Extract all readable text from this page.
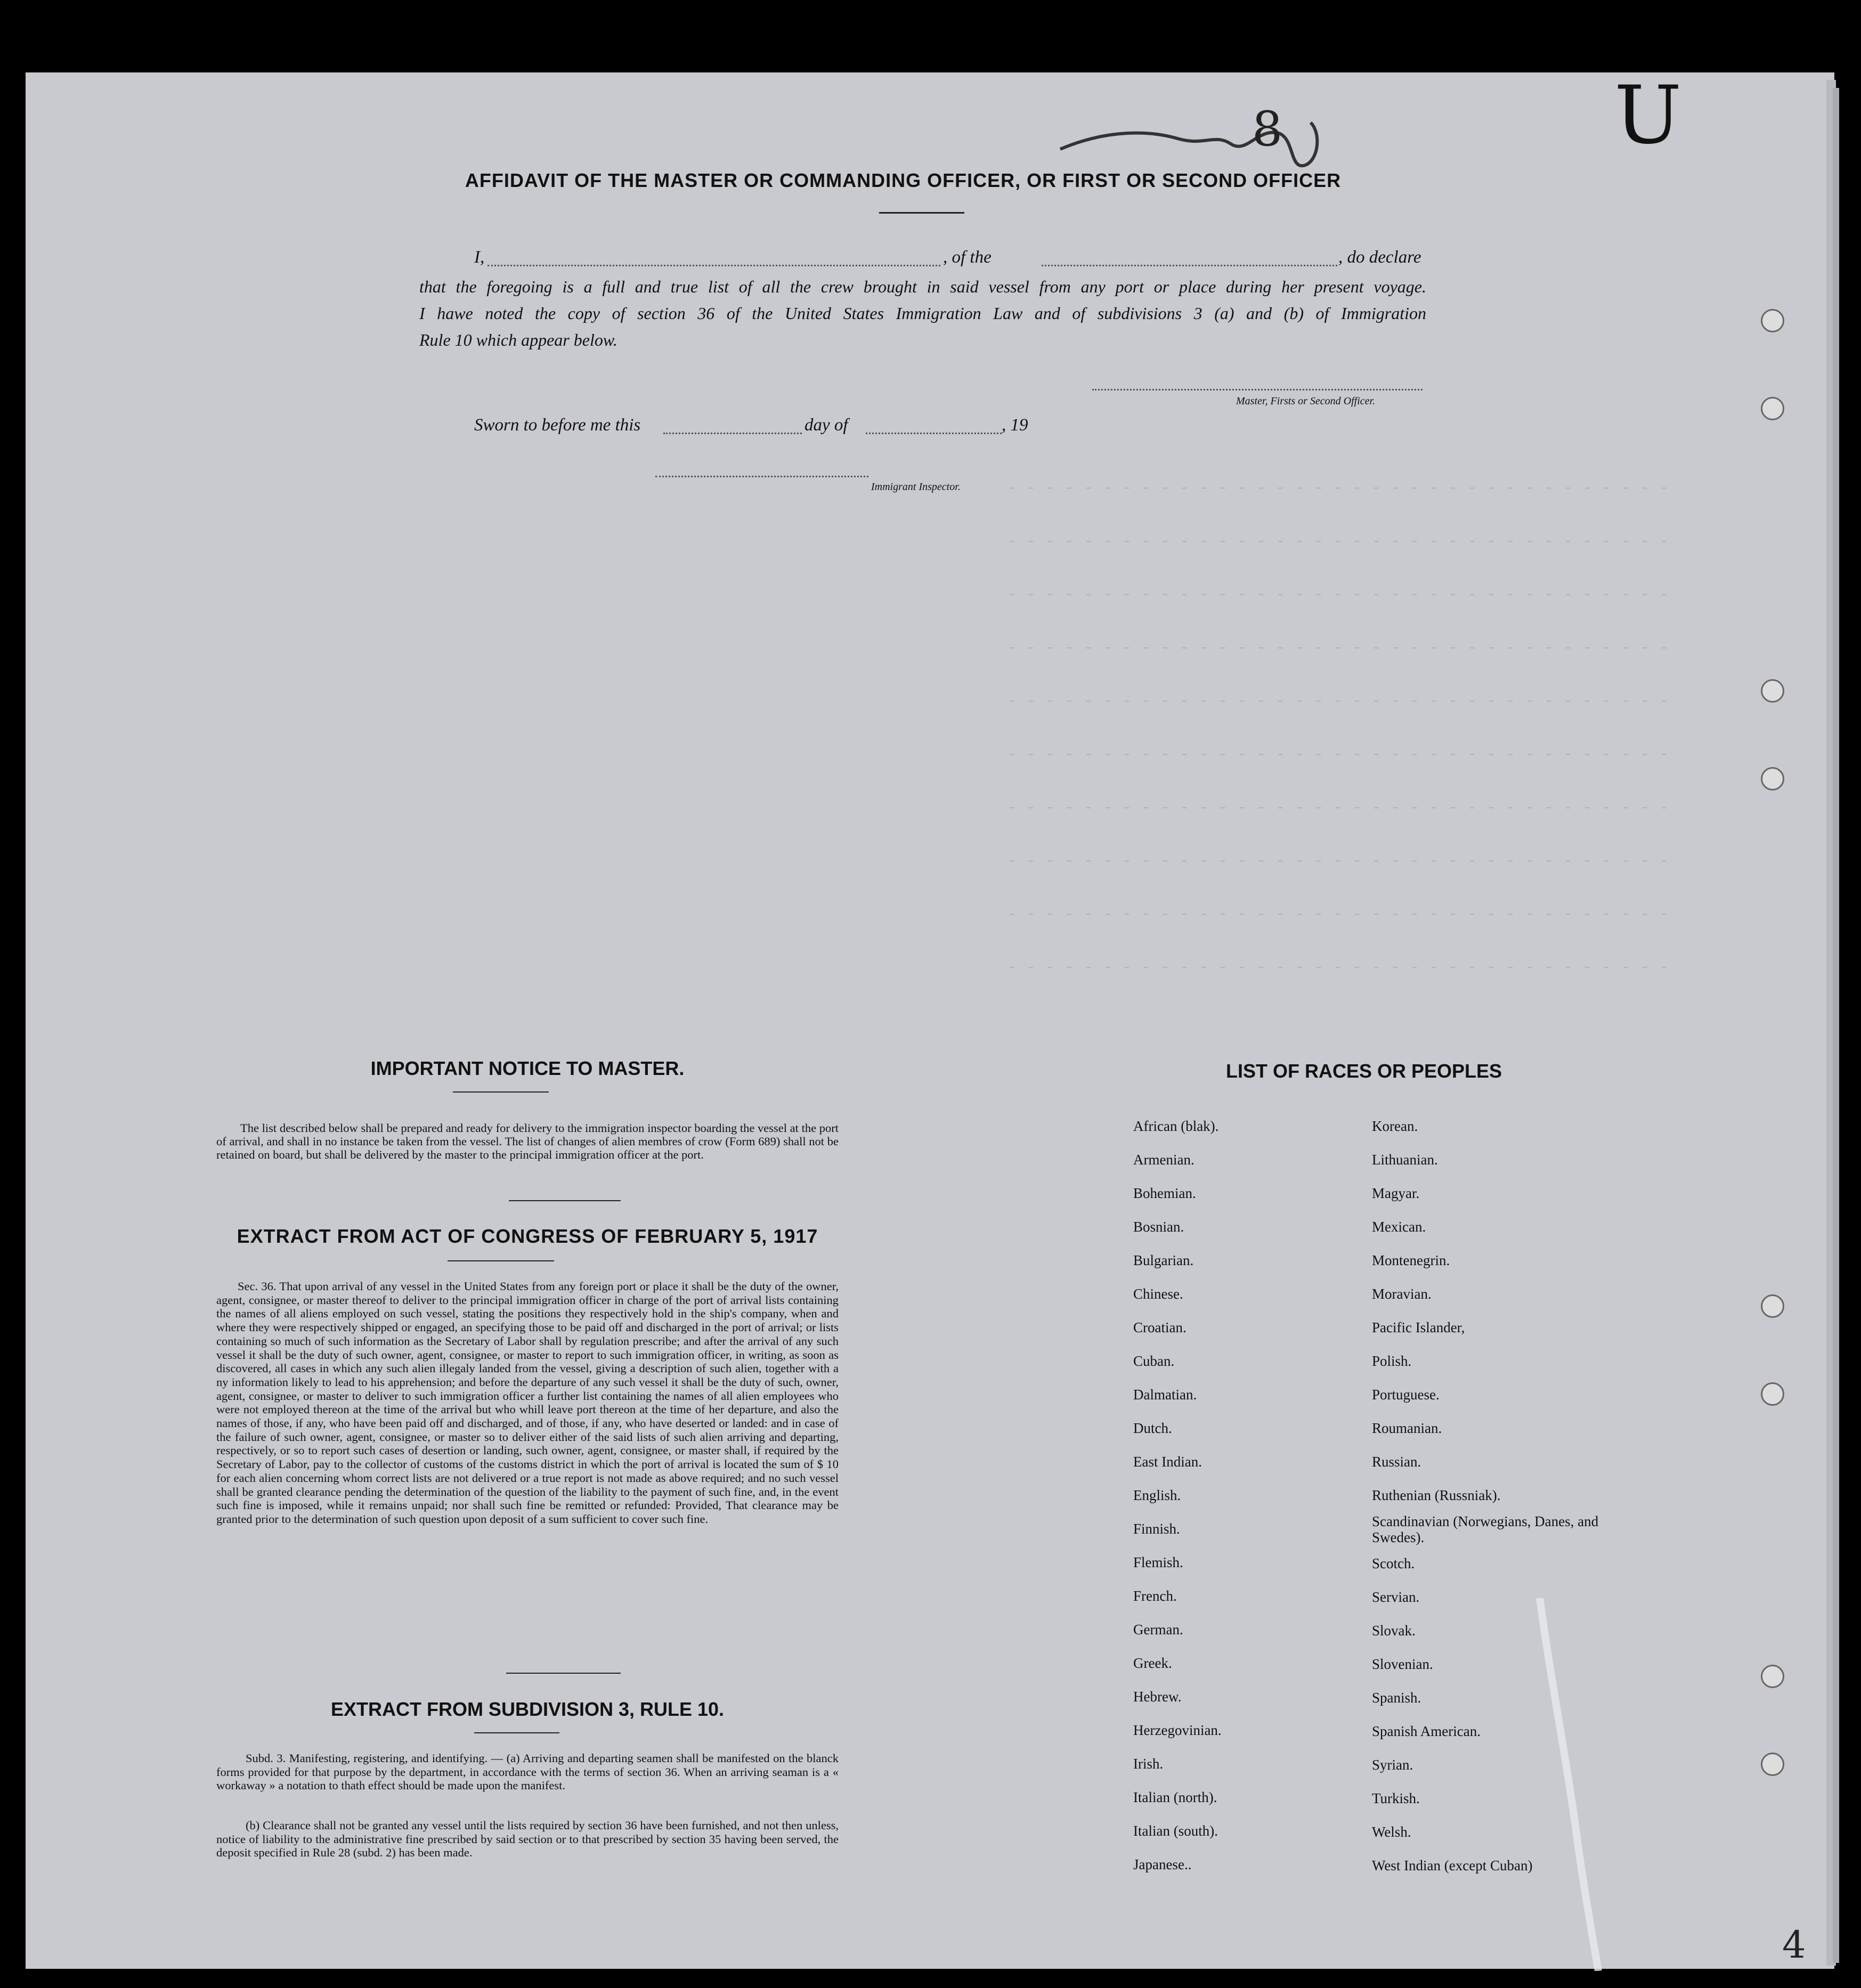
- - - - - - - - - - - - - - - - - - - - - - - - - - - - - - - - - - -
- - - - - - - - - - - - - - - - - - - - - - - - - - - - - - - - - - -
- - - - - - - - - - - - - - - - - - - - - - - - - - - - - - - - - - -
- - - - - - - - - - - - - - - - - - - - - - - - - - - - - - - - - - -
- - - - - - - - - - - - - - - - - - - - - - - - - - - - - - - - - - -
- - - - - - - - - - - - - - - - - - - - - - - - - - - - - - - - - - -
- - - - - - - - - - - - - - - - - - - - - - - - - - - - - - - - - - -
- - - - - - - - - - - - - - - - - - - - - - - - - - - - - - - - - - -
- - - - - - - - - - - - - - - - - - - - - - - - - - - - - - - - - - -
- - - - - - - - - - - - - - - - - - - - - - - - - - - - - - - - - - -
8	U
4
AFFIDAVIT OF THE MASTER OR COMMANDING OFFICER, OR FIRST OR SECOND OFFICER
I,	, of the	, do declare
that the foregoing is a full and true list of all the crew brought in said vessel from any port or place during her present voyage.
I hawe noted the copy of section 36 of the United States Immigration Law and of subdivisions 3 (a) and (b) of Immigration
Rule 10 which appear below.
Master, Firsts or Second Officer.
Sworn to before me this	day of	, 19
Immigrant Inspector.
IMPORTANT NOTICE TO MASTER.
The list described below shall be prepared and ready for delivery to the immigration inspector boarding the vessel at the port of arrival, and shall in no instance be taken from the vessel. The list of changes of alien membres of crow (Form 689) shall not be retained on board, but shall be delivered by the master to the principal immigration officer at the port.
EXTRACT FROM ACT OF CONGRESS OF FEBRUARY 5, 1917
Sec. 36. That upon arrival of any vessel in the United States from any foreign port or place it shall be the duty of the owner, agent, consignee, or master thereof to deliver to the principal immigration officer in charge of the port of arrival lists containing the names of all aliens employed on such vessel, stating the positions they respectively hold in the ship's company, when and where they were respectively shipped or engaged, an specifying those to be paid off and discharged in the port of arrival; or lists containing so much of such information as the Secretary of Labor shall by regulation prescribe; and after the arrival of any such vessel it shall be the duty of such owner, agent, consignee, or master to report to such immigration officer, in writing, as soon as discovered, all cases in which any such alien illegaly landed from the vessel, giving a description of such alien, together with a ny information likely to lead to his apprehension; and before the departure of any such vessel it shall be the duty of such, owner, agent, consignee, or master to deliver to such immigration officer a further list containing the names of all alien employees who were not employed thereon at the time of the arrival but who whill leave port thereon at the time of her departure, and also the names of those, if any, who have been paid off and discharged, and of those, if any, who have deserted or landed: and in case of the failure of such owner, agent, consignee, or master so to deliver either of the said lists of such alien arriving and departing, respectively, or so to report such cases of desertion or landing, such owner, agent, consignee, or master shall, if required by the Secretary of Labor, pay to the collector of customs of the customs district in which the port of arrival is located the sum of $ 10 for each alien concerning whom correct lists are not delivered or a true report is not made as above required; and no such vessel shall be granted clearance pending the determination of the question of the liability to the payment of such fine, and, in the event such fine is imposed, while it remains unpaid; nor shall such fine be remitted or refunded: Provided, That clearance may be granted prior to the determination of such question upon deposit of a sum sufficient to cover such fine.
EXTRACT FROM SUBDIVISION 3, RULE 10.
Subd. 3. Manifesting, registering, and identifying. — (a) Arriving and departing seamen shall be manifested on the blanck forms provided for that purpose by the department, in accordance with the terms of section 36. When an arriving seaman is a « workaway » a notation to thath effect should be made upon the manifest.
(b) Clearance shall not be granted any vessel until the lists required by section 36 have been furnished, and not then unless, notice of liability to the administrative fine prescribed by said section or to that prescribed by section 35 having been served, the deposit specified in Rule 28 (subd. 2) has been made.
LIST OF RACES OR PEOPLES
African (blak).
Armenian.
Bohemian.
Bosnian.
Bulgarian.
Chinese.
Croatian.
Cuban.
Dalmatian.
Dutch.
East Indian.
English.
Finnish.
Flemish.
French.
German.
Greek.
Hebrew.
Herzegovinian.
Irish.
Italian (north).
Italian (south).
Japanese..
Korean.
Lithuanian.
Magyar.
Mexican.
Montenegrin.
Moravian.
Pacific Islander,
Polish.
Portuguese.
Roumanian.
Russian.
Ruthenian (Russniak).
Scandinavian (Norwegians, Danes, and Swedes).
Scotch.
Servian.
Slovak.
Slovenian.
Spanish.
Spanish American.
Syrian.
Turkish.
Welsh.
West Indian (except Cuban)
